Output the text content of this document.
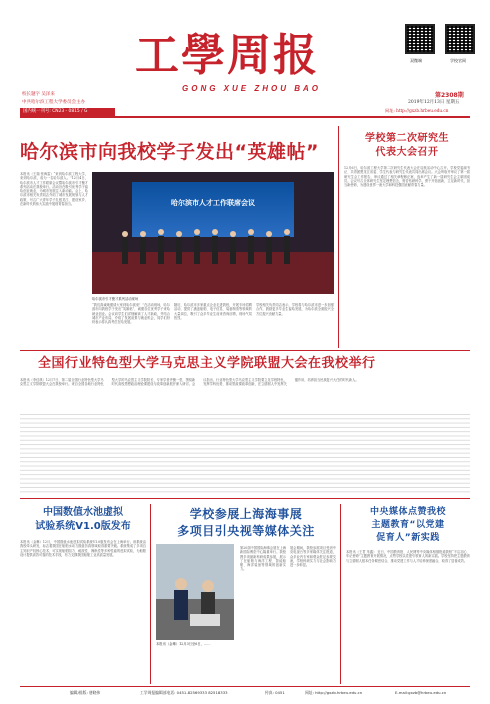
工學周报
GONG XUE ZHOU BAO
校长题字 吴泽来
中共哈尔滨工程大学委员会主办
国内统一刊号: CN23 - 0815 / G
双微端	学校官网
第2308期
2019年12月13日 星期五
网址: http://gxzb.hrbeu.edu.cn
哈尔滨市向我校学子发出“英雄帖”
本报讯（王瑞 张海雷）“来到哈尔滨工程大学，来到哈尔滨，成为一名哈尔滨人。”12月4日，哈尔滨市人才工作联席会议暨哈尔滨市引才聚才系列活动在我校举行。活动旨在吸引优秀学子留哈创业就业，为城市发展注入新动能。会上，哈尔滨市相关负责同志介绍了城市发展规划与人才政策，号召广大青年学子扎根龙江、建设家乡，在新时代的伟大实践中展现青春担当。	哈尔滨市人才工作联席会议
哈尔滨市引才聚才系列活动现场
“我们真诚地邀请大家到哈尔滨来！”在活动现场，哈尔滨市向我校学子发出“英雄帖”，诚邀各位优秀学子来哈就业创业。会议向学生们详细解读了人才新政，并结合城市产业布局，介绍了发展前景与就业机会，同学们纷纷表示将认真考虑在哈发展。
随后，哈尔滨市多家重点企业走进我校，开展专场招聘活动，提供了涵盖船舶、电子信息、装备制造等领域的大量岗位，吸引了众多毕业生前来咨询应聘，现场气氛热烈。
学校相关负责同志表示，学校将与哈尔滨市进一步加强合作，鼓励更多毕业生留哈发展，为哈尔滨全面振兴全方位振兴贡献力量。
学校第二次研究生
代表大会召开
12月6日，哈尔滨工程大学第二次研究生代表大会在启航活动中心召开。学校党委副书记、共青团黑龙江省委、学生代表与研究生代表共同出席会议。大会听取并审议了第一届研究生会工作报告，审议通过了相关章程修正案，选举产生了新一届研究生会主席团成员。会议号召全体研究生坚定理想信念，刻苦钻研科学，勇于开拓创新，立足新时代，担当新使命，为建设世界一流大学和科技强国贡献青春力量。
全国行业特色型大学马克思主义学院联盟大会在我校举行
本报讯（李佳琪）12月7日，第二届全国行业特色型大学马克思主义学院联盟大会在我校举行。来自全国各地行业特色型大学的马克思主义学院院长、专家学者齐聚一堂，围绕新时代高校思想政治理论课建设与改革创新展开深入研讨。会议指出，行业特色型大学马克思主义学院要立足学校特色，发挥学科优势，推动思政课改革创新，在立德树人中发挥关键作用，培养担当民族复兴大任的时代新人。
中国数值水池虚拟
试验系统V1.0版发布
本报讯（金琳）12月，中国数值水池虚拟试验系统V1.0版发布会在上海举行。该系统由我校牵头研发，标志着我国在船舶水动力数值仿真领域取得重要突破。系统集成了多项自主知识产权核心技术，可实现船舶阻力、耐波性、操纵性等多种性能的虚拟试验，为船舶设计提供高效可靠的技术手段，有力支撑我国船舶工业高质量发展。
学校参展上海海事展
多项目引央视等媒体关注
本报讯（金琳）12月3日至6日，……
第20届中国国际海事会展在上海新国际博览中心隆重举行。我校携多项最新科研成果参展，展示了在船舶与海洋工程、智能船舶、海洋装备等领域的创新实力。
展会期间，我校参展项目受到中央电视台等多家媒体关注报道，众多业内专家和观众驻足参观交流，学校科研实力与社会影响力进一步彰显。
中央媒体点赞我校
主题教育“以党建
促育人”新实践
本报讯（王君 朱鑫） 近日，中国教育报、人民网等中央媒体相继报道我校“不忘初心、牢记使命”主题教育开展情况，点赞学校以党建引领育人的新实践。学校坚持把主题教育与立德树人根本任务紧密结合，推动党建工作与人才培养深度融合，取得了显著成效。
编辑/排版: 唐晓伟	工学周报编辑部电话: 0451-82569333 82518333	传真: 0451	网址: http://gxzb.hrbeu.edu.cn	E-mail:gxzb@hrbeu.edu.cn
